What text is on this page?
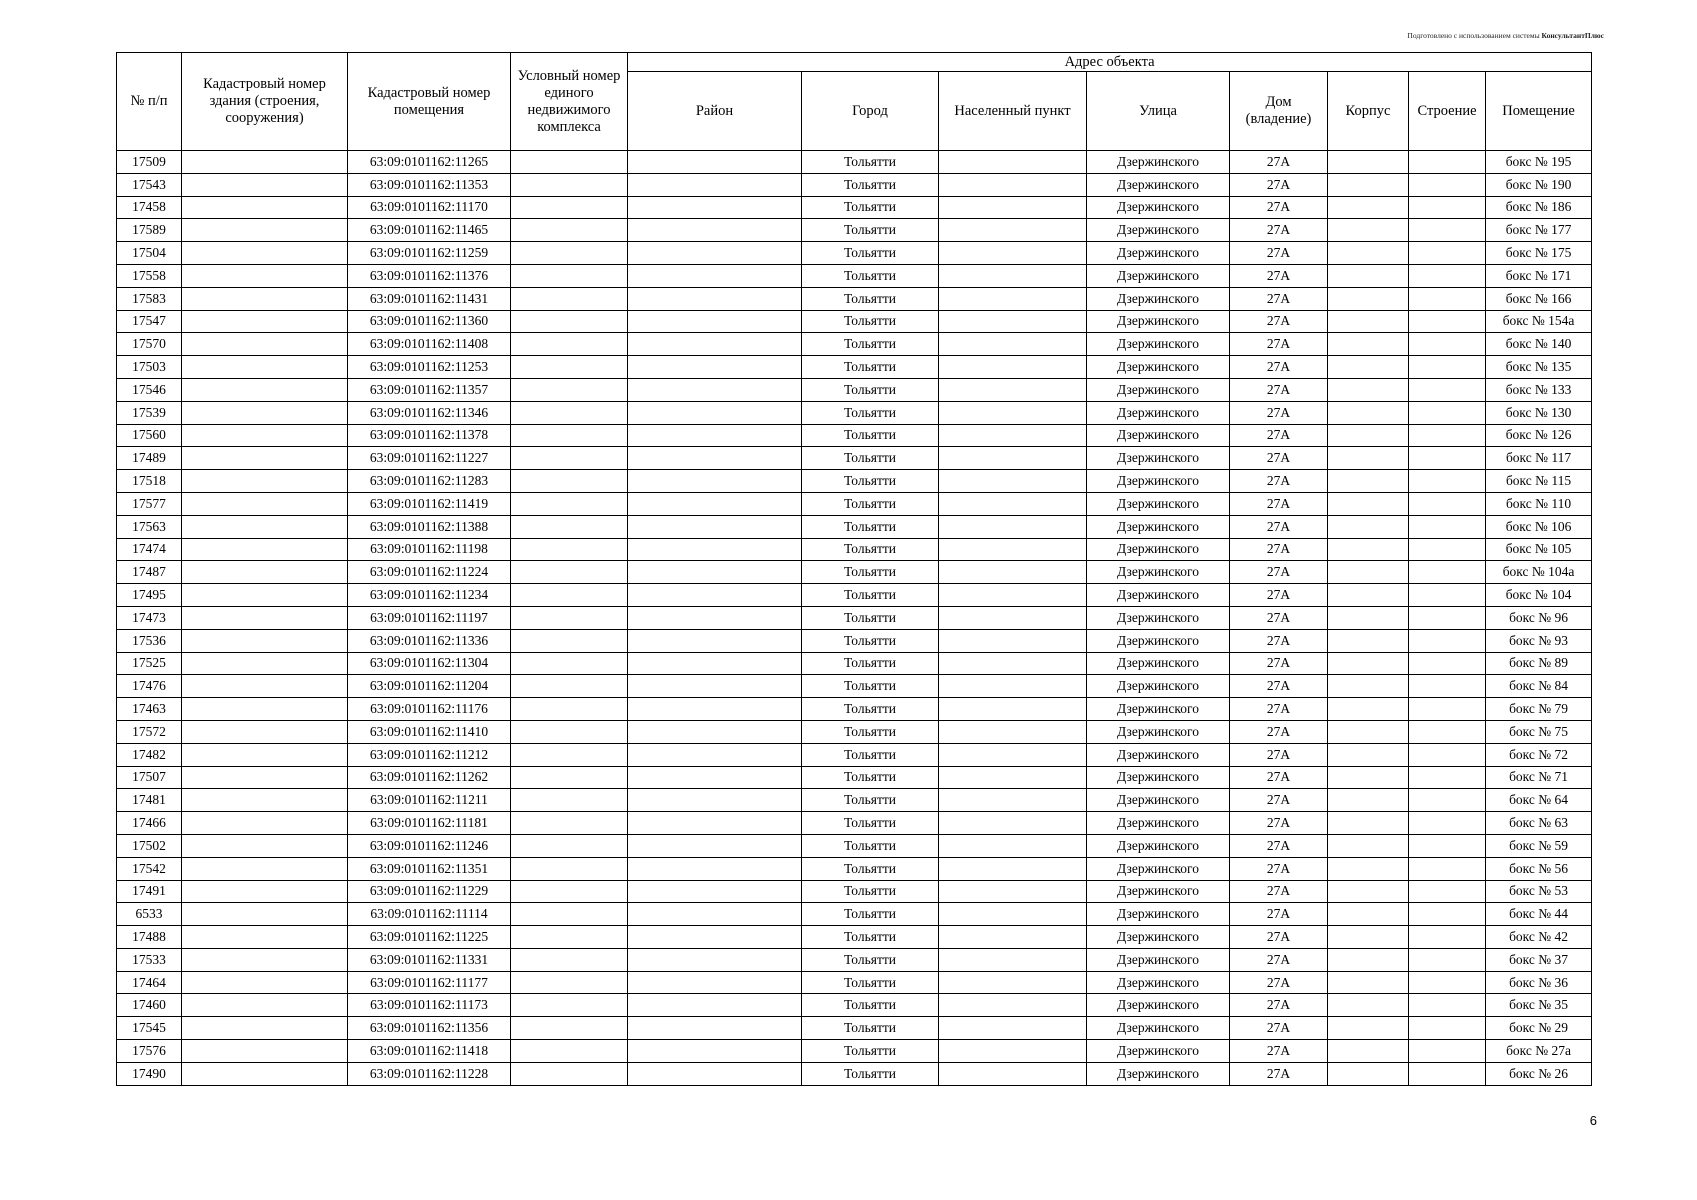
Подготовлено с использованием системы КонсультантПлюс
№ п/п	Кадастровый номер здания (строения, сооружения)	Кадастровый номер помещения	Условный номер единого недвижимого комплекса	Адрес объекта							
				Район	Город	Населенный пункт	Улица	Дом (владение)	Корпус	Строение	Помещение
17509		63:09:0101162:11265			Тольятти		Дзержинского	27А			бокс № 195
17543		63:09:0101162:11353			Тольятти		Дзержинского	27А			бокс № 190
17458		63:09:0101162:11170			Тольятти		Дзержинского	27А			бокс № 186
17589		63:09:0101162:11465			Тольятти		Дзержинского	27А			бокс № 177
17504		63:09:0101162:11259			Тольятти		Дзержинского	27А			бокс № 175
17558		63:09:0101162:11376			Тольятти		Дзержинского	27А			бокс № 171
17583		63:09:0101162:11431			Тольятти		Дзержинского	27А			бокс № 166
17547		63:09:0101162:11360			Тольятти		Дзержинского	27А			бокс № 154а
17570		63:09:0101162:11408			Тольятти		Дзержинского	27А			бокс № 140
17503		63:09:0101162:11253			Тольятти		Дзержинского	27А			бокс № 135
17546		63:09:0101162:11357			Тольятти		Дзержинского	27А			бокс № 133
17539		63:09:0101162:11346			Тольятти		Дзержинского	27А			бокс № 130
17560		63:09:0101162:11378			Тольятти		Дзержинского	27А			бокс № 126
17489		63:09:0101162:11227			Тольятти		Дзержинского	27А			бокс № 117
17518		63:09:0101162:11283			Тольятти		Дзержинского	27А			бокс № 115
17577		63:09:0101162:11419			Тольятти		Дзержинского	27А			бокс № 110
17563		63:09:0101162:11388			Тольятти		Дзержинского	27А			бокс № 106
17474		63:09:0101162:11198			Тольятти		Дзержинского	27А			бокс № 105
17487		63:09:0101162:11224			Тольятти		Дзержинского	27А			бокс № 104а
17495		63:09:0101162:11234			Тольятти		Дзержинского	27А			бокс № 104
17473		63:09:0101162:11197			Тольятти		Дзержинского	27А			бокс № 96
17536		63:09:0101162:11336			Тольятти		Дзержинского	27А			бокс № 93
17525		63:09:0101162:11304			Тольятти		Дзержинского	27А			бокс № 89
17476		63:09:0101162:11204			Тольятти		Дзержинского	27А			бокс № 84
17463		63:09:0101162:11176			Тольятти		Дзержинского	27А			бокс № 79
17572		63:09:0101162:11410			Тольятти		Дзержинского	27А			бокс № 75
17482		63:09:0101162:11212			Тольятти		Дзержинского	27А			бокс № 72
17507		63:09:0101162:11262			Тольятти		Дзержинского	27А			бокс № 71
17481		63:09:0101162:11211			Тольятти		Дзержинского	27А			бокс № 64
17466		63:09:0101162:11181			Тольятти		Дзержинского	27А			бокс № 63
17502		63:09:0101162:11246			Тольятти		Дзержинского	27А			бокс № 59
17542		63:09:0101162:11351			Тольятти		Дзержинского	27А			бокс № 56
17491		63:09:0101162:11229			Тольятти		Дзержинского	27А			бокс № 53
6533		63:09:0101162:11114			Тольятти		Дзержинского	27А			бокс № 44
17488		63:09:0101162:11225			Тольятти		Дзержинского	27А			бокс № 42
17533		63:09:0101162:11331			Тольятти		Дзержинского	27А			бокс № 37
17464		63:09:0101162:11177			Тольятти		Дзержинского	27А			бокс № 36
17460		63:09:0101162:11173			Тольятти		Дзержинского	27А			бокс № 35
17545		63:09:0101162:11356			Тольятти		Дзержинского	27А			бокс № 29
17576		63:09:0101162:11418			Тольятти		Дзержинского	27А			бокс № 27а
17490		63:09:0101162:11228			Тольятти		Дзержинского	27А			бокс № 26
6
